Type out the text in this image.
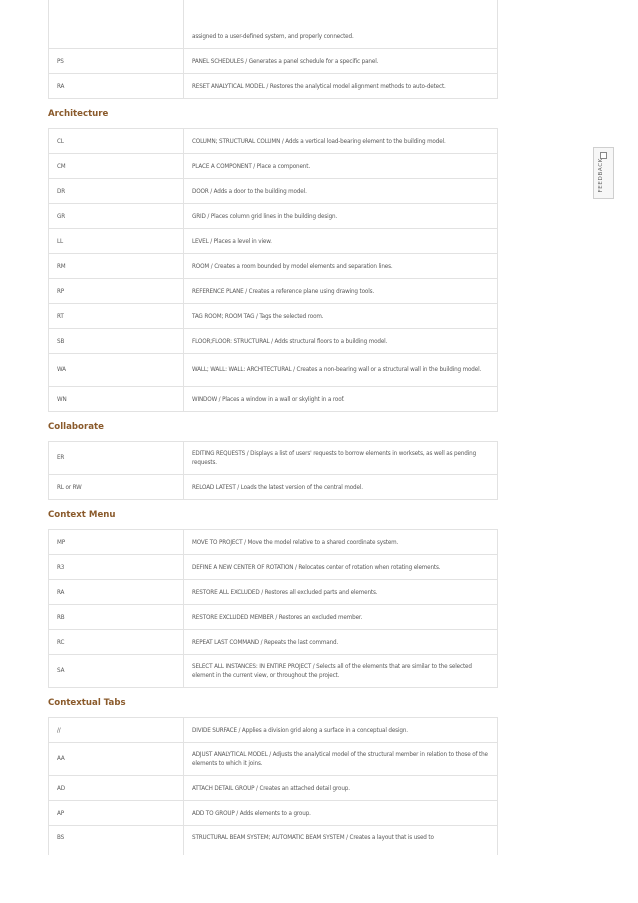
	assigned to a user-defined system, and properly connected.
PS	PANEL SCHEDULES / Generates a panel schedule for a specific panel.
RA	RESET ANALYTICAL MODEL / Restores the analytical model alignment methods to auto-detect.
Architecture
CL	COLUMN; STRUCTURAL COLUMN / Adds a vertical load-bearing element to the building model.
CM	PLACE A COMPONENT / Place a component.
DR	DOOR / Adds a door to the building model.
GR	GRID / Places column grid lines in the building design.
LL	LEVEL / Places a level in view.
RM	ROOM / Creates a room bounded by model elements and separation lines.
RP	REFERENCE PLANE / Creates a reference plane using drawing tools.
RT	TAG ROOM; ROOM TAG / Tags the selected room.
SB	FLOOR;FLOOR: STRUCTURAL / Adds structural floors to a building model.
WA	WALL; WALL: WALL: ARCHITECTURAL / Creates a non-bearing wall or a structural wall in the building model.
WN	WINDOW / Places a window in a wall or skylight in a roof.
Collaborate
ER	EDITING REQUESTS / Displays a list of users' requests to borrow elements in worksets, as well as pending requests.
RL or RW	RELOAD LATEST / Loads the latest version of the central model.
Context Menu
MP	MOVE TO PROJECT / Move the model relative to a shared coordinate system.
R3	DEFINE A NEW CENTER OF ROTATION / Relocates center of rotation when rotating elements.
RA	RESTORE ALL EXCLUDED / Restores all excluded parts and elements.
RB	RESTORE EXCLUDED MEMBER / Restores an excluded member.
RC	REPEAT LAST COMMAND / Repeats the last command.
SA	SELECT ALL INSTANCES: IN ENTIRE PROJECT / Selects all of the elements that are similar to the selected element in the current view, or throughout the project.
Contextual Tabs
//	DIVIDE SURFACE / Applies a division grid along a surface in a conceptual design.
AA	ADJUST ANALYTICAL MODEL / Adjusts the analytical model of the structural member in relation to those of the elements to which it joins.
AD	ATTACH DETAIL GROUP / Creates an attached detail group.
AP	ADD TO GROUP / Adds elements to a group.
BS	STRUCTURAL BEAM SYSTEM; AUTOMATIC BEAM SYSTEM / Creates a layout that is used to
FEEDBACK
